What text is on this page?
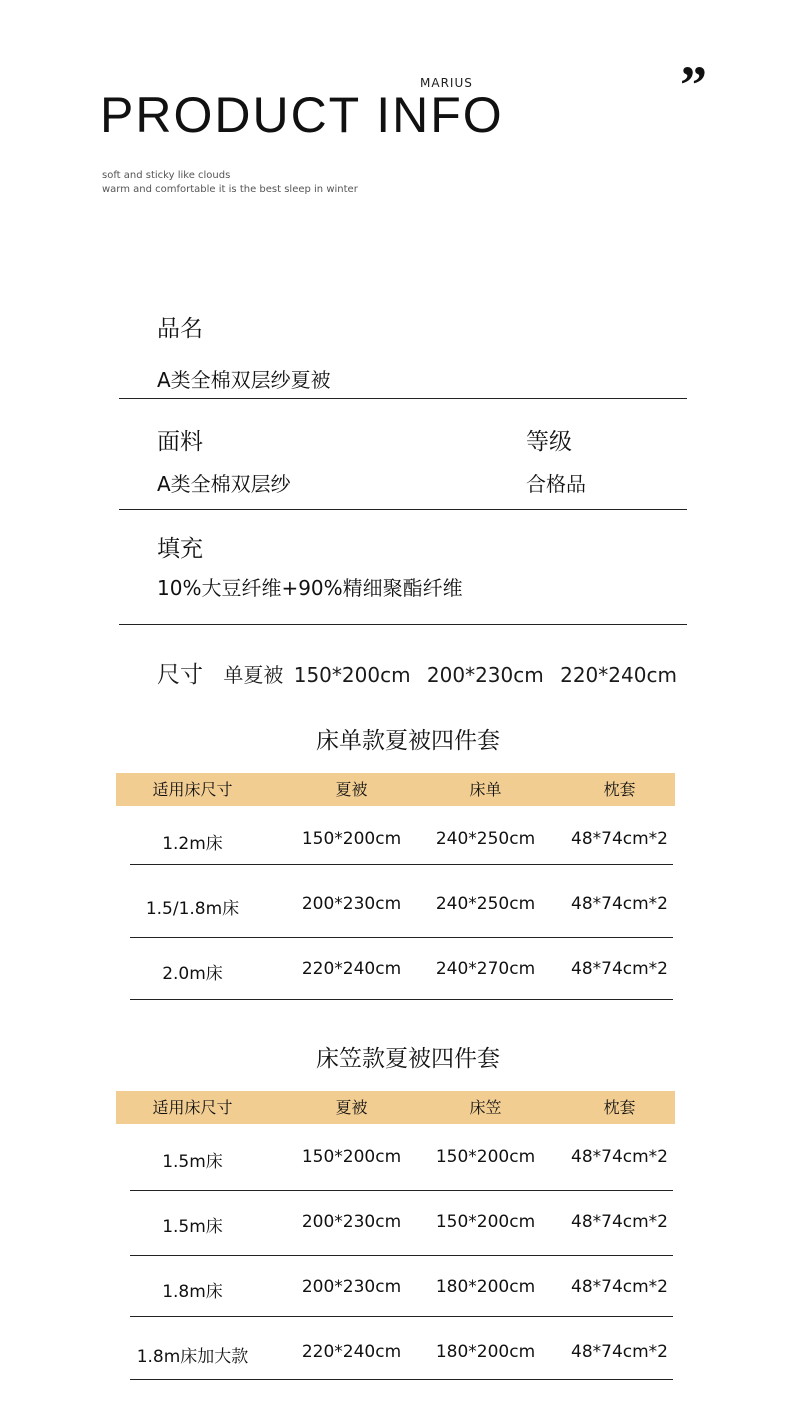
MARIUS
PRODUCT INFO	”
soft and sticky like clouds
warm and comfortable it is the best sleep in winter
品名
A类全棉双层纱夏被
面料
A类全棉双层纱
等级
合格品
填充
10%大豆纤维+90%精细聚酯纤维
尺寸 单夏被 150*200cm 200*230cm 220*240cm
床单款夏被四件套
适用床尺寸	夏被	床单	枕套
1.2m床	150*200cm	240*250cm	48*74cm*2
1.5/1.8m床	200*230cm	240*250cm	48*74cm*2
2.0m床	220*240cm	240*270cm	48*74cm*2
床笠款夏被四件套
适用床尺寸	夏被	床笠	枕套
1.5m床	150*200cm	150*200cm	48*74cm*2
1.5m床	200*230cm	150*200cm	48*74cm*2
1.8m床	200*230cm	180*200cm	48*74cm*2
1.8m床加大款	220*240cm	180*200cm	48*74cm*2
